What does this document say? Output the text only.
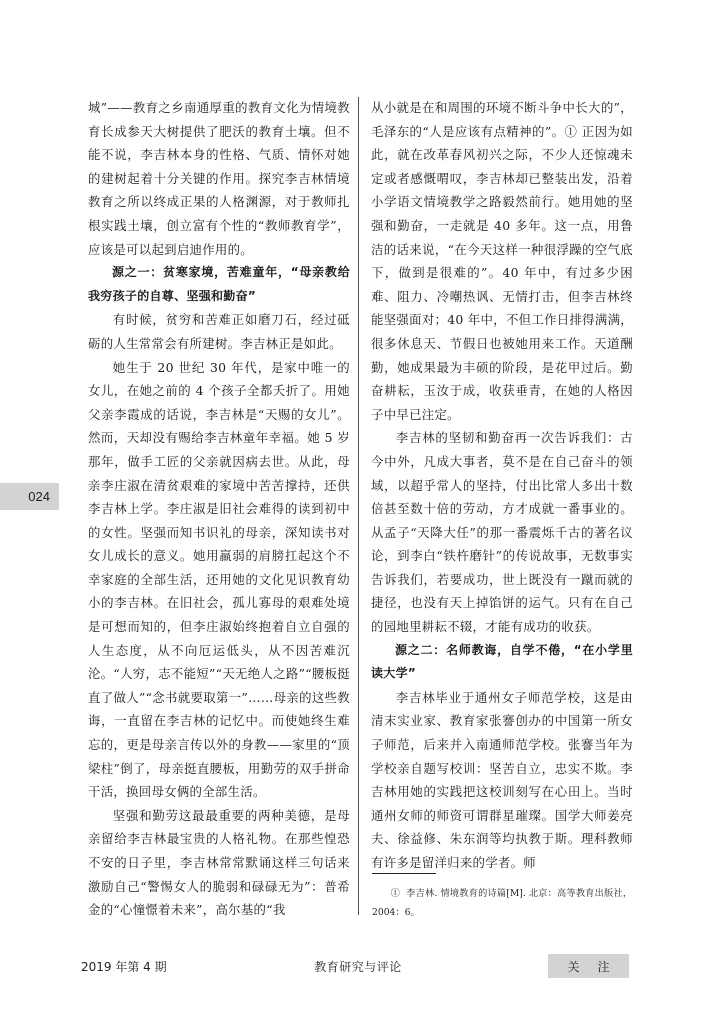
024

城”——教育之乡南通厚重的教育文化为情境教育长成参天大树提供了肥沃的教育土壤。但不能不说，李吉林本身的性格、气质、情怀对她的建树起着十分关键的作用。探究李吉林情境教育之所以终成正果的人格渊源，对于教师扎根实践土壤，创立富有个性的“教师教育学”，应该是可以起到启迪作用的。

源之一：贫寒家境，苦难童年，“母亲教给我穷孩子的自尊、坚强和勤奋”

有时候，贫穷和苦难正如磨刀石，经过砥砺的人生常常会有所建树。李吉林正是如此。

她生于 20 世纪 30 年代，是家中唯一的女儿，在她之前的 4 个孩子全都夭折了。用她父亲李霞成的话说，李吉林是“天赐的女儿”。然而，天却没有赐给李吉林童年幸福。她 5 岁那年，做手工匠的父亲就因病去世。从此，母亲李庄淑在清贫艰难的家境中苦苦撑持，还供李吉林上学。李庄淑是旧社会难得的读到初中的女性。坚强而知书识礼的母亲，深知读书对女儿成长的意义。她用羸弱的肩膀扛起这个不幸家庭的全部生活，还用她的文化见识教育幼小的李吉林。在旧社会，孤儿寡母的艰难处境是可想而知的，但李庄淑始终抱着自立自强的人生态度，从不向厄运低头，从不因苦难沉沦。“人穷，志不能短”“天无绝人之路”“腰板挺直了做人”“念书就要取第一”……母亲的这些教诲，一直留在李吉林的记忆中。而使她终生难忘的，更是母亲言传以外的身教——家里的“顶梁柱”倒了，母亲挺直腰板，用勤劳的双手拼命干活，换回母女俩的全部生活。

坚强和勤劳这最最重要的两种美德，是母亲留给李吉林最宝贵的人格礼物。在那些惶恐不安的日子里，李吉林常常默诵这样三句话来激励自己“警惕女人的脆弱和碌碌无为”：普希金的“心憧憬着未来”，高尔基的“我

从小就是在和周围的环境不断斗争中长大的”，毛泽东的“人是应该有点精神的”。① 正因为如此，就在改革春风初兴之际，不少人还惊魂未定或者感慨喟叹，李吉林却已整装出发，沿着小学语文情境教学之路毅然前行。她用她的坚强和勤奋，一走就是 40 多年。这一点，用鲁洁的话来说，“在今天这样一种很浮躁的空气底下，做到是很难的”。40 年中，有过多少困难、阻力、冷嘲热讽、无情打击，但李吉林终能坚强面对；40 年中，不但工作日排得满满，很多休息天、节假日也被她用来工作。天道酬勤，她成果最为丰硕的阶段，是花甲过后。勤奋耕耘，玉汝于成，收获垂青，在她的人格因子中早已注定。

李吉林的坚韧和勤奋再一次告诉我们：古今中外，凡成大事者，莫不是在自己奋斗的领域，以超乎常人的坚持，付出比常人多出十数倍甚至数十倍的劳动，方才成就一番事业的。从孟子“天降大任”的那一番震烁千古的著名议论，到李白“铁杵磨针”的传说故事，无数事实告诉我们，若要成功，世上既没有一蹴而就的捷径，也没有天上掉馅饼的运气。只有在自己的园地里耕耘不辍，才能有成功的收获。

源之二：名师教诲，自学不倦，“在小学里读大学”

李吉林毕业于通州女子师范学校，这是由清末实业家、教育家张謇创办的中国第一所女子师范，后来并入南通师范学校。张謇当年为学校亲自题写校训：坚苦自立，忠实不欺。李吉林用她的实践把这校训刻写在心田上。当时通州女师的师资可谓群星璀璨。国学大师姜亮夫、徐益修、朱东润等均执教于斯。理科教师有许多是留洋归来的学者。师

① 李吉林. 情境教育的诗篇[M]. 北京：高等教育出版社，2004：6。
2019 年第 4 期	教育研究与评论	关注
